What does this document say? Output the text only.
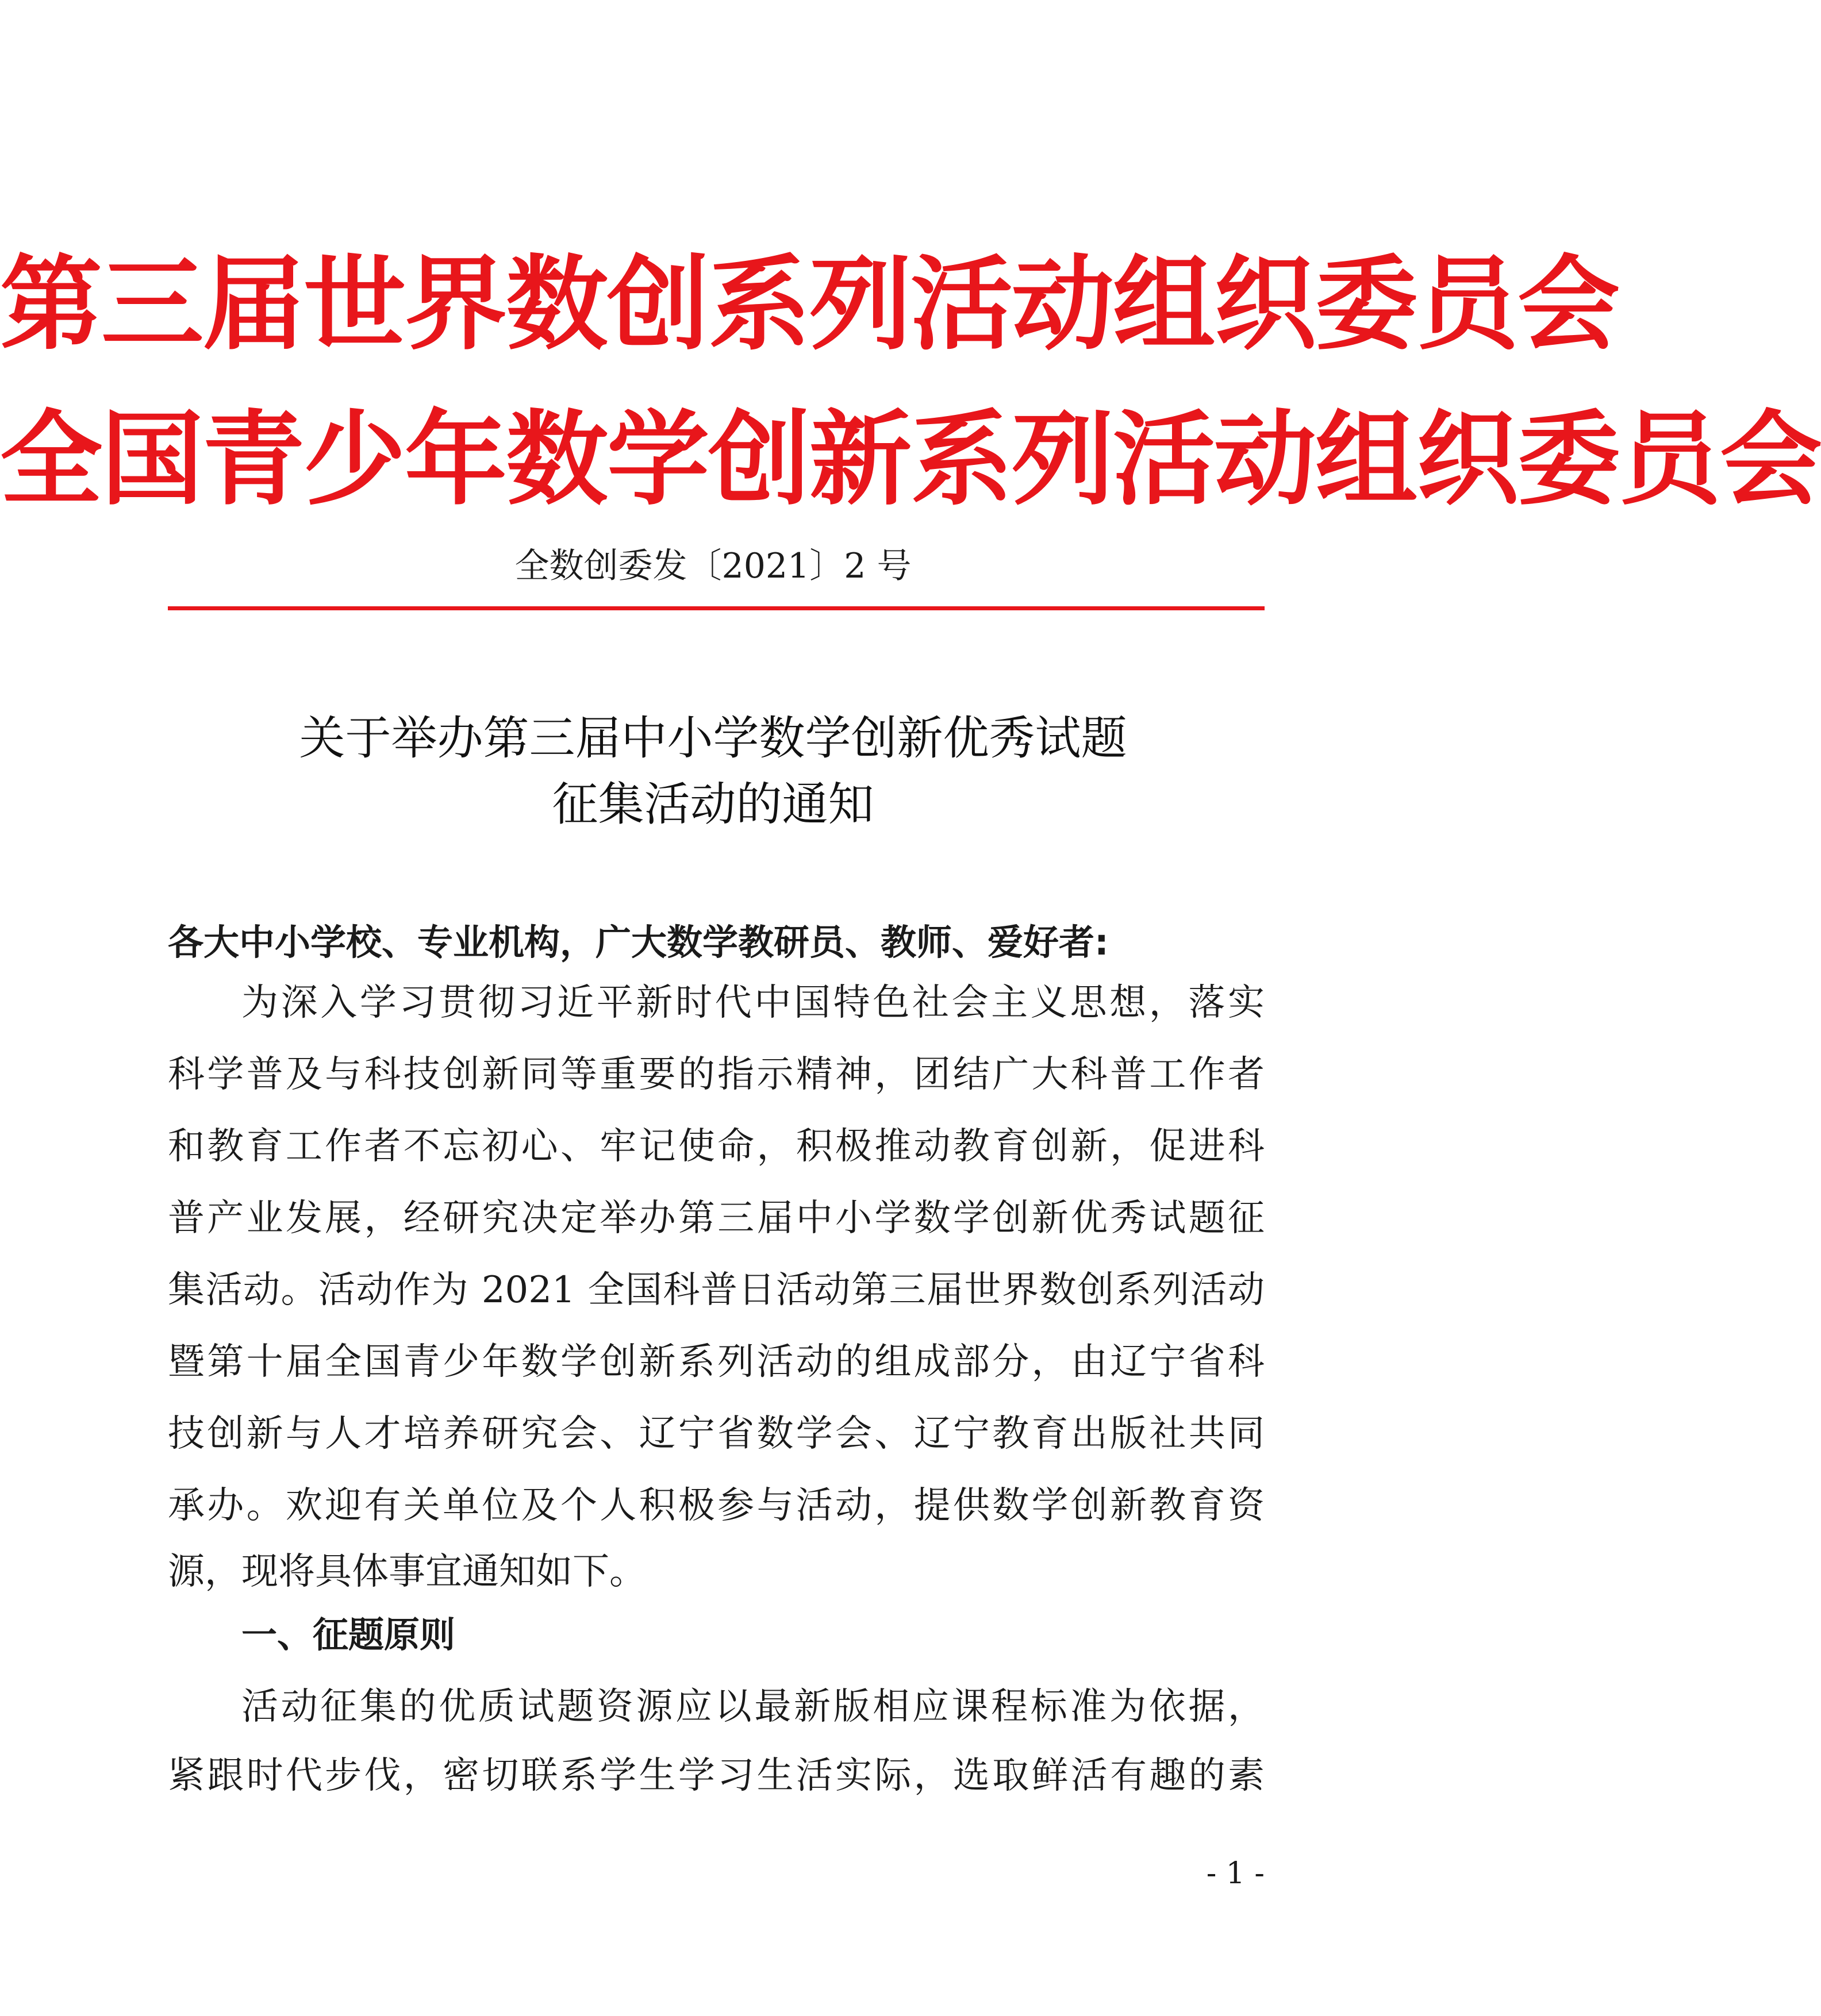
第三届世界数创系列活动组织委员会
全国青少年数学创新系列活动组织委员会
全数创委发〔2021〕2 号
关于举办第三届中小学数学创新优秀试题
征集活动的通知
各大中小学校、专业机构，广大数学教研员、教师、爱好者:
为深入学习贯彻习近平新时代中国特色社会主义思想，落实
科学普及与科技创新同等重要的指示精神，团结广大科普工作者
和教育工作者不忘初心、牢记使命，积极推动教育创新，促进科
普产业发展，经研究决定举办第三届中小学数学创新优秀试题征
集活动。活动作为 2021 全国科普日活动第三届世界数创系列活动
暨第十届全国青少年数学创新系列活动的组成部分，由辽宁省科
技创新与人才培养研究会、辽宁省数学会、辽宁教育出版社共同
承办。欢迎有关单位及个人积极参与活动，提供数学创新教育资
源，现将具体事宜通知如下。
一、征题原则
活动征集的优质试题资源应以最新版相应课程标准为依据，
紧跟时代步伐，密切联系学生学习生活实际，选取鲜活有趣的素
- 1 -
